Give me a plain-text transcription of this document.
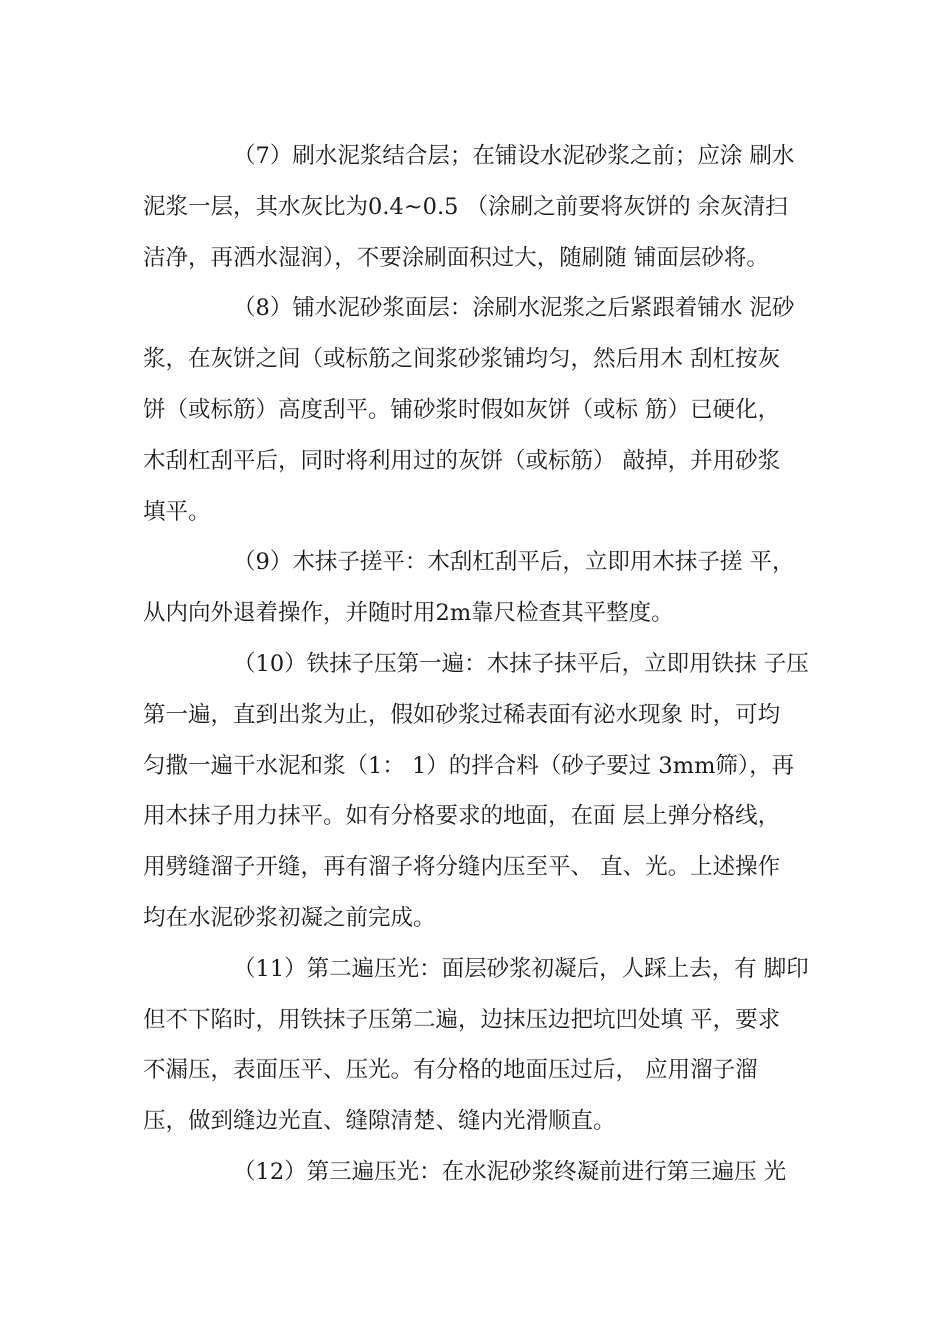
（7）刷水泥浆结合层；在铺设水泥砂浆之前；应涂 刷水
泥浆一层，其水灰比为0.4~0.5 （涂刷之前要将灰饼的 余灰清扫
洁净，再洒水湿润），不要涂刷面积过大，随刷随 铺面层砂将。
（8）铺水泥砂浆面层：涂刷水泥浆之后紧跟着铺水 泥砂
浆，在灰饼之间（或标筋之间浆砂浆铺均匀，然后用木 刮杠按灰
饼（或标筋）高度刮平。铺砂浆时假如灰饼（或标 筋）已硬化，
木刮杠刮平后，同时将利用过的灰饼（或标筋） 敲掉，并用砂浆
填平。
（9）木抹子搓平：木刮杠刮平后，立即用木抹子搓 平，
从内向外退着操作，并随时用2m靠尺检查其平整度。
（10）铁抹子压第一遍：木抹子抹平后，立即用铁抹 子压
第一遍，直到出浆为止，假如砂浆过稀表面有泌水现象 时，可均
匀撒一遍干水泥和浆（1： 1）的拌合料（砂子要过 3mm筛），再
用木抹子用力抹平。如有分格要求的地面，在面 层上弹分格线，
用劈缝溜子开缝，再有溜子将分缝内压至平、 直、光。上述操作
均在水泥砂浆初凝之前完成。
（11）第二遍压光：面层砂浆初凝后，人踩上去，有 脚印
但不下陷时，用铁抹子压第二遍，边抹压边把坑凹处填 平，要求
不漏压，表面压平、压光。有分格的地面压过后， 应用溜子溜
压，做到缝边光直、缝隙清楚、缝内光滑顺直。
（12）第三遍压光：在水泥砂浆终凝前进行第三遍压 光
